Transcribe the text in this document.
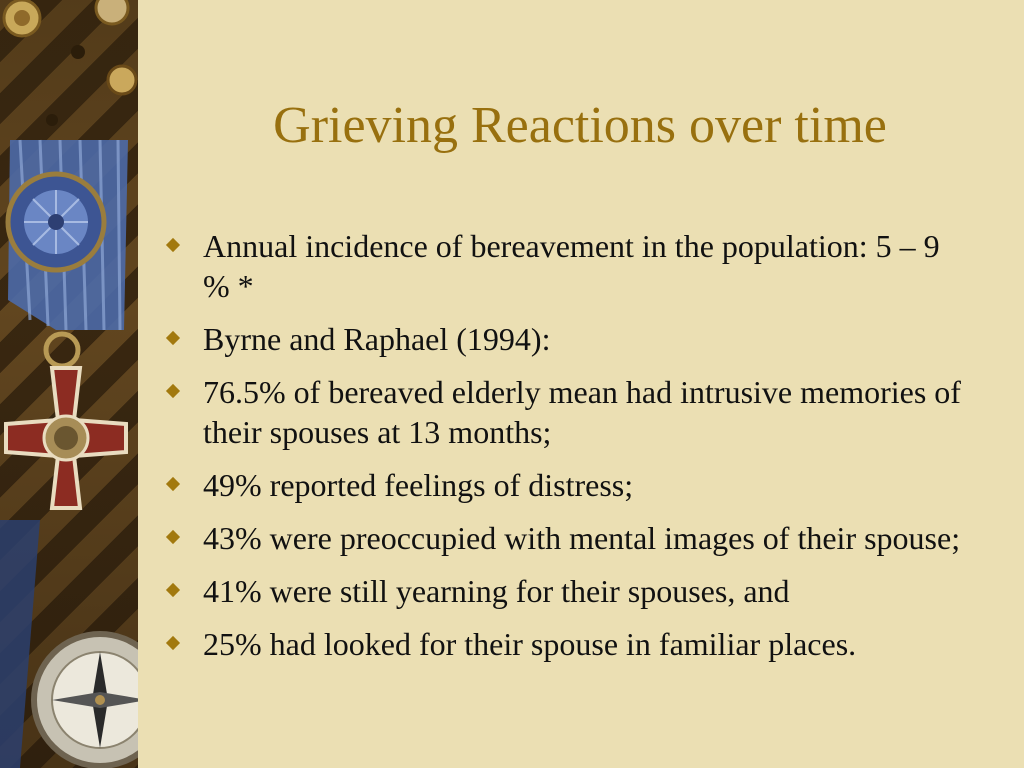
Grieving Reactions over time
Annual incidence of bereavement in the population: 5 – 9 % *
Byrne and Raphael (1994):
76.5% of bereaved elderly mean had intrusive memories of their spouses at 13 months;
49% reported feelings of distress;
43% were preoccupied with mental images of their spouse;
41% were still yearning for their spouses, and
25% had looked for their spouse in familiar places.
